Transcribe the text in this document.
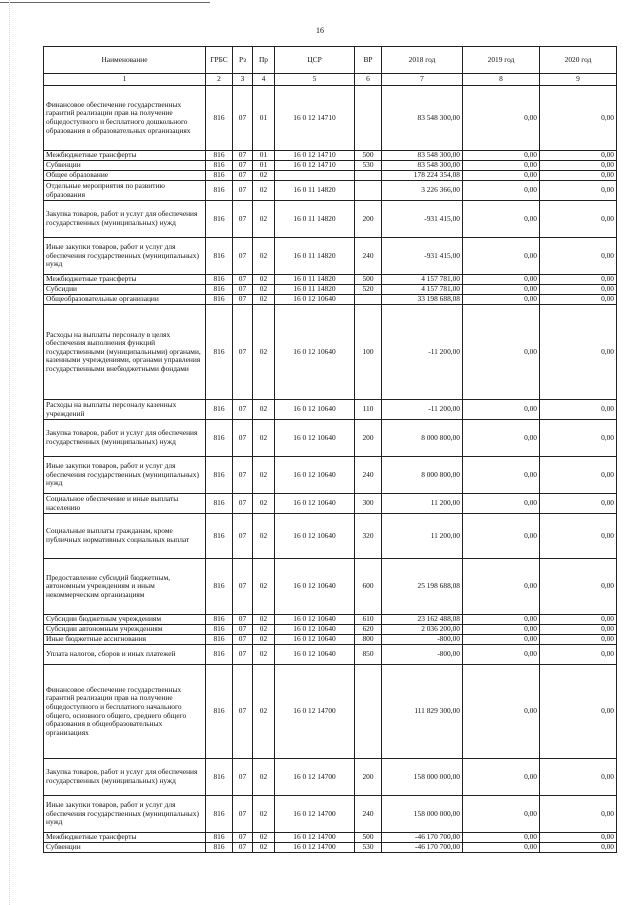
16
Наименование	ГРБС	Рз	Пр	ЦСР	ВР	2018 год	2019 год	2020 год
1	2	3	4	5	6	7	8	9
Финансовое обеспечение государственных гарантий реализации прав на получение общедоступного и бесплатного дошкольного образования в образовательных организациях	816	07	01	16 0 12 14710		83 548 300,00	0,00	0,00
Межбюджетные трансферты	816	07	01	16 0 12 14710	500	83 548 300,00	0,00	0,00
Субвенции	816	07	01	16 0 12 14710	530	83 548 300,00	0,00	0,00
Общее образование	816	07	02			178 224 354,08	0,00	0,00
Отдельные мероприятия по развитию образования	816	07	02	16 0 11 14820		3 226 366,00	0,00	0,00
Закупка товаров, работ и услуг для обеспечения государственных (муниципальных) нужд	816	07	02	16 0 11 14820	200	-931 415,00	0,00	0,00
Иные закупки товаров, работ и услуг для обеспечения государственных (муниципальных) нужд	816	07	02	16 0 11 14820	240	-931 415,00	0,00	0,00
Межбюджетные трансферты	816	07	02	16 0 11 14820	500	4 157 781,00	0,00	0,00
Субсидии	816	07	02	16 0 11 14820	520	4 157 781,00	0,00	0,00
Общеобразовательные организации	816	07	02	16 0 12 10640		33 198 688,08	0,00	0,00
Расходы на выплаты персоналу в целях обеспечения выполнения функций государственными (муниципальными) органами, казенными учреждениями, органами управления государственными внебюджетными фондами	816	07	02	16 0 12 10640	100	-11 200,00	0,00	0,00
Расходы на выплаты персоналу казенных учреждений	816	07	02	16 0 12 10640	110	-11 200,00	0,00	0,00
Закупка товаров, работ и услуг для обеспечения государственных (муниципальных) нужд	816	07	02	16 0 12 10640	200	8 000 800,00	0,00	0,00
Иные закупки товаров, работ и услуг для обеспечения государственных (муниципальных) нужд	816	07	02	16 0 12 10640	240	8 000 800,00	0,00	0,00
Социальное обеспечение и иные выплаты населению	816	07	02	16 0 12 10640	300	11 200,00	0,00	0,00
Социальные выплаты гражданам, кроме публичных нормативных социальных выплат	816	07	02	16 0 12 10640	320	11 200,00	0,00	0,00
Предоставление субсидий бюджетным, автономным учреждениям и иным некоммерческим организациям	816	07	02	16 0 12 10640	600	25 198 688,08	0,00	0,00
Субсидии бюджетным учреждениям	816	07	02	16 0 12 10640	610	23 162 488,08	0,00	0,00
Субсидии автономным учреждениям	816	07	02	16 0 12 10640	620	2 036 200,00	0,00	0,00
Иные бюджетные ассигнования	816	07	02	16 0 12 10640	800	-800,00	0,00	0,00
Уплата налогов, сборов и иных платежей	816	07	02	16 0 12 10640	850	-800,00	0,00	0,00
Финансовое обеспечение государственных гарантий реализации прав на получение общедоступного и бесплатного начального общего, основного общего, среднего общего образования в общеобразовательных организациях	816	07	02	16 0 12 14700		111 829 300,00	0,00	0,00
Закупка товаров, работ и услуг для обеспечения государственных (муниципальных) нужд	816	07	02	16 0 12 14700	200	158 000 000,00	0,00	0,00
Иные закупки товаров, работ и услуг для обеспечения государственных (муниципальных) нужд	816	07	02	16 0 12 14700	240	158 000 000,00	0,00	0,00
Межбюджетные трансферты	816	07	02	16 0 12 14700	500	-46 170 700,00	0,00	0,00
Субвенции	816	07	02	16 0 12 14700	530	-46 170 700,00	0,00	0,00
